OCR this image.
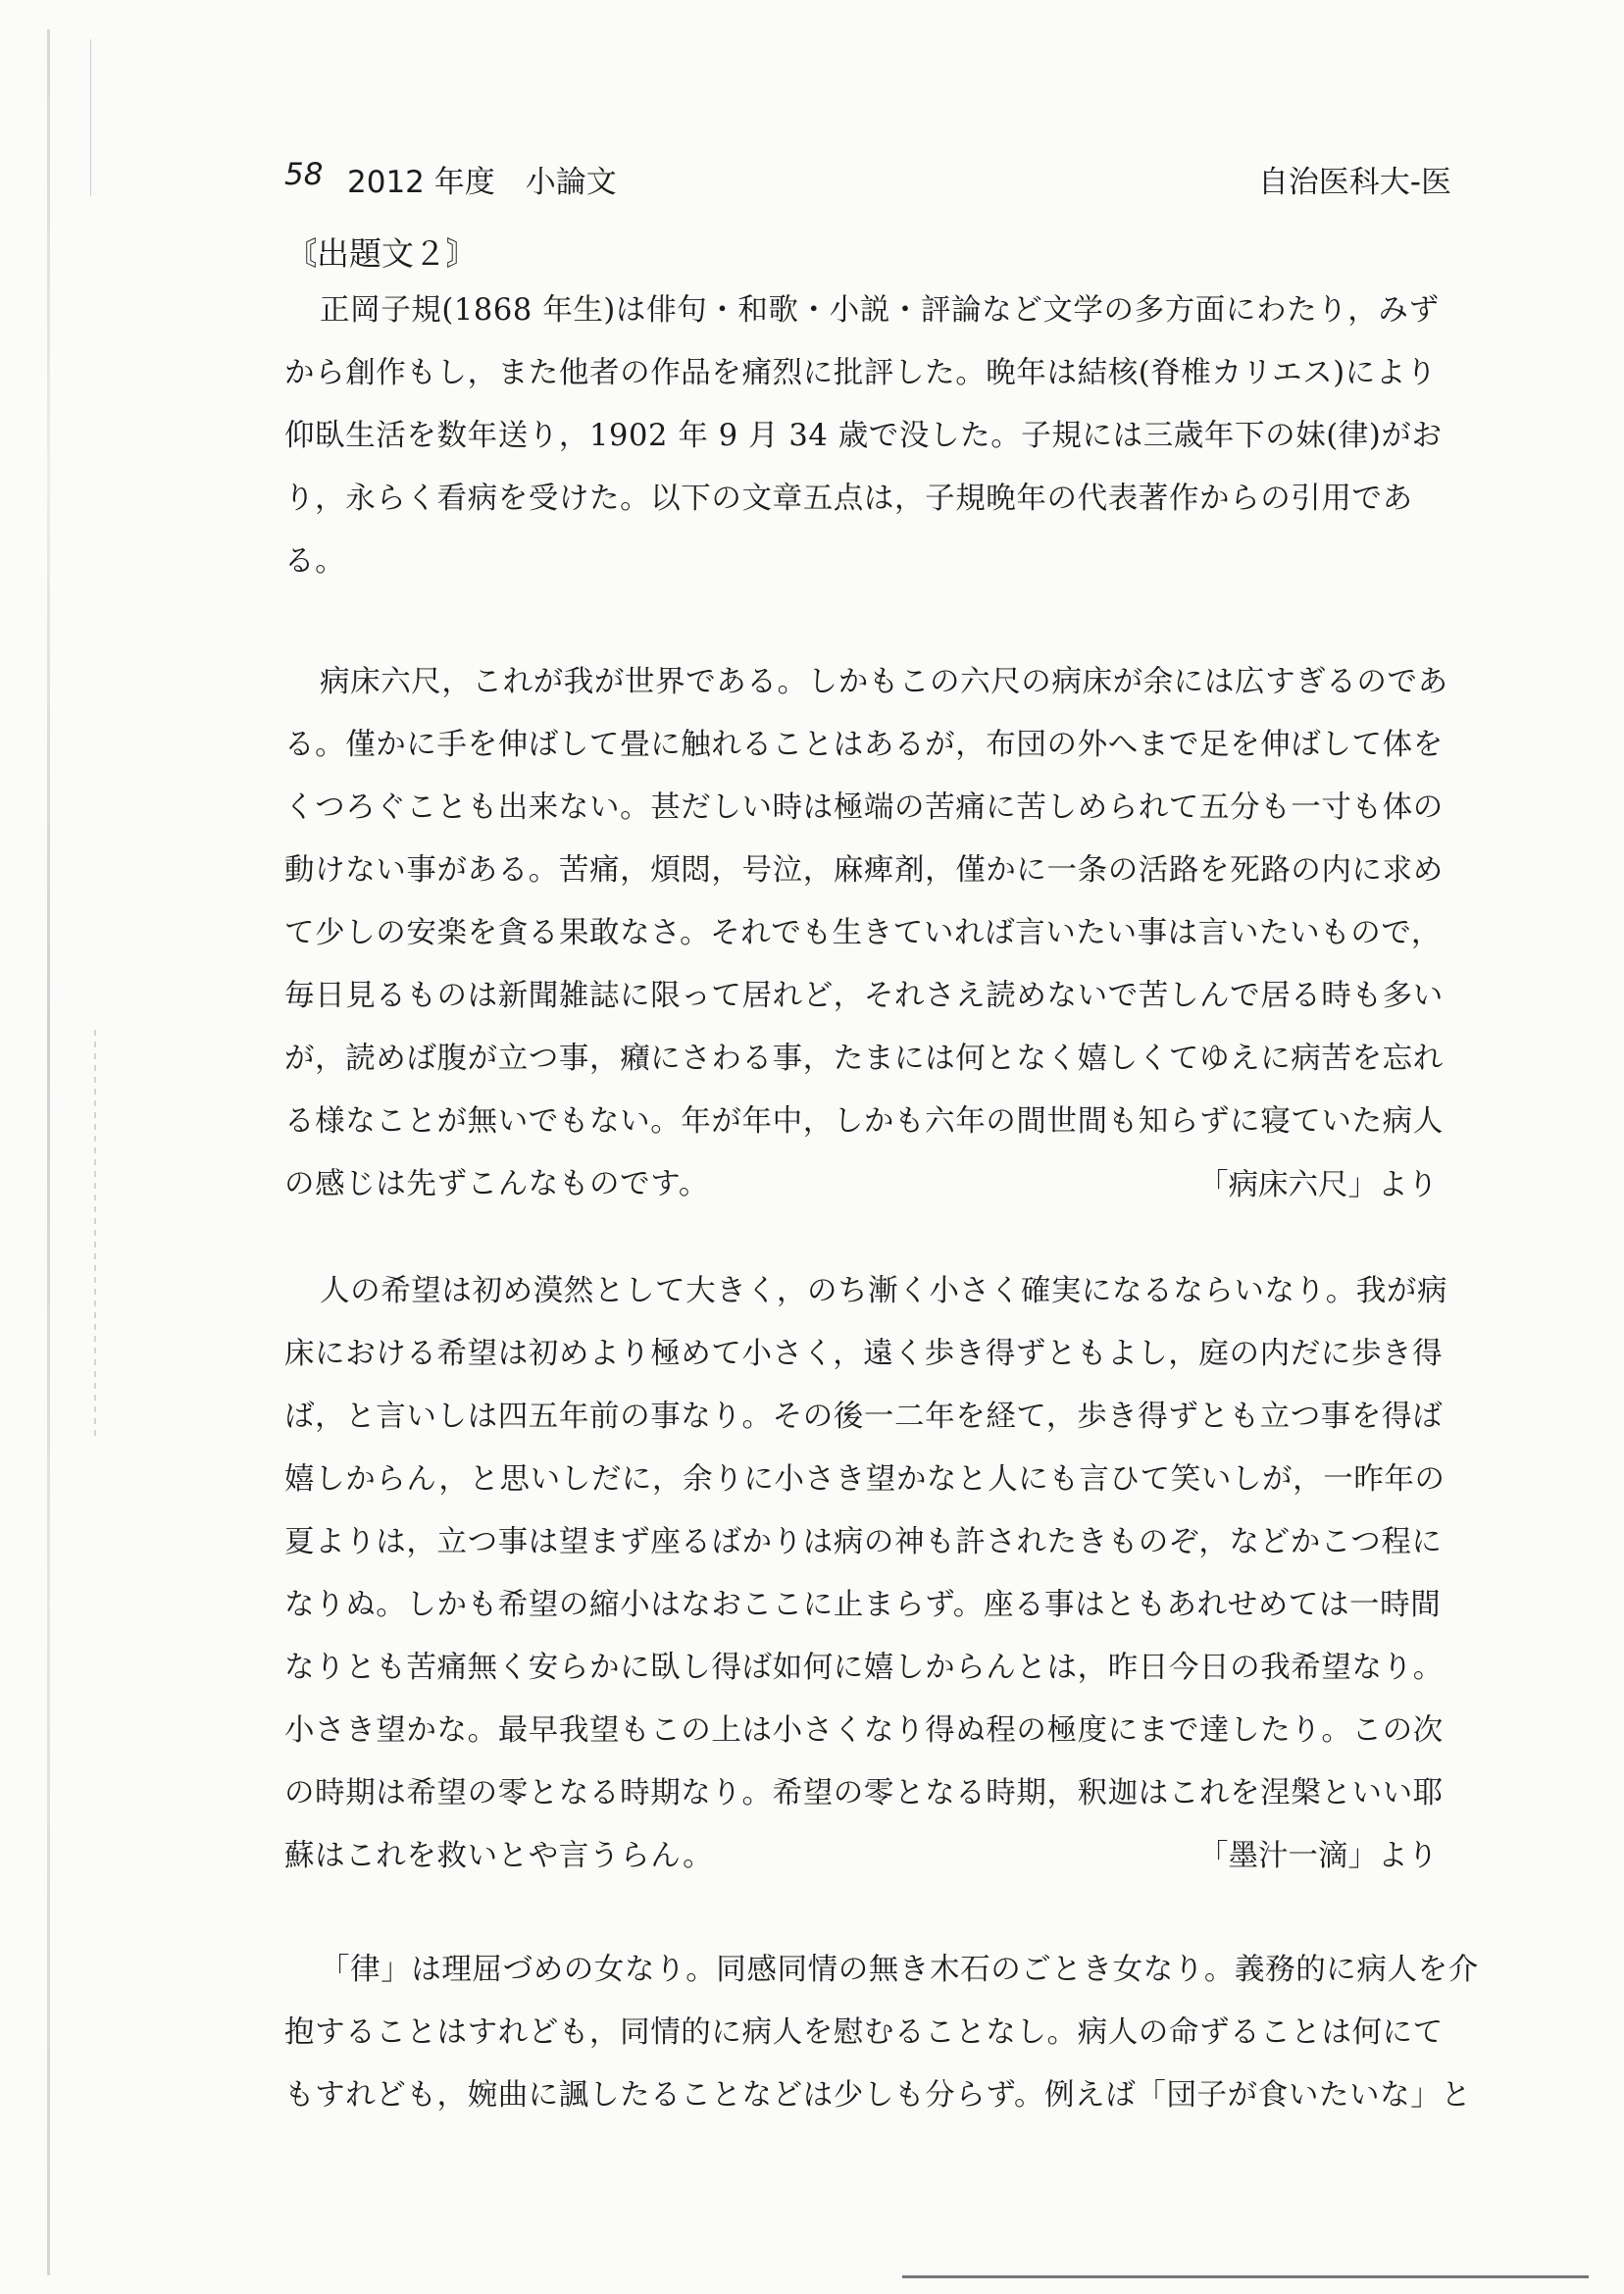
58 2012 年度　小論文	自治医科大-医
〘出題文２〙
正岡子規(1868 年生)は俳句・和歌・小説・評論など文学の多方面にわたり，みず
から創作もし，また他者の作品を痛烈に批評した。晩年は結核(脊椎カリエス)により
仰臥生活を数年送り，1902 年 9 月 34 歳で没した。子規には三歳年下の妹(律)がお
り，永らく看病を受けた。以下の文章五点は，子規晩年の代表著作からの引用であ
る。
病床六尺，これが我が世界である。しかもこの六尺の病床が余には広すぎるのであ
る。僅かに手を伸ばして畳に触れることはあるが，布団の外へまで足を伸ばして体を
くつろぐことも出来ない。甚だしい時は極端の苦痛に苦しめられて五分も一寸も体の
動けない事がある。苦痛，煩悶，号泣，麻痺剤，僅かに一条の活路を死路の内に求め
て少しの安楽を貪る果敢なさ。それでも生きていれば言いたい事は言いたいもので，
毎日見るものは新聞雑誌に限って居れど，それさえ読めないで苦しんで居る時も多い
が，読めば腹が立つ事，癪にさわる事，たまには何となく嬉しくてゆえに病苦を忘れ
る様なことが無いでもない。年が年中，しかも六年の間世間も知らずに寝ていた病人
の感じは先ずこんなものです。	「病床六尺」より
人の希望は初め漠然として大きく，のち漸く小さく確実になるならいなり。我が病
床における希望は初めより極めて小さく，遠く歩き得ずともよし，庭の内だに歩き得
ば，と言いしは四五年前の事なり。その後一二年を経て，歩き得ずとも立つ事を得ば
嬉しからん，と思いしだに，余りに小さき望かなと人にも言ひて笑いしが，一昨年の
夏よりは，立つ事は望まず座るばかりは病の神も許されたきものぞ，などかこつ程に
なりぬ。しかも希望の縮小はなおここに止まらず。座る事はともあれせめては一時間
なりとも苦痛無く安らかに臥し得ば如何に嬉しからんとは，昨日今日の我希望なり。
小さき望かな。最早我望もこの上は小さくなり得ぬ程の極度にまで達したり。この次
の時期は希望の零となる時期なり。希望の零となる時期，釈迦はこれを涅槃といい耶
蘇はこれを救いとや言うらん。	「墨汁一滴」より
「律」は理屈づめの女なり。同感同情の無き木石のごとき女なり。義務的に病人を介
抱することはすれども，同情的に病人を慰むることなし。病人の命ずることは何にて
もすれども，婉曲に諷したることなどは少しも分らず。例えば「団子が食いたいな」と
